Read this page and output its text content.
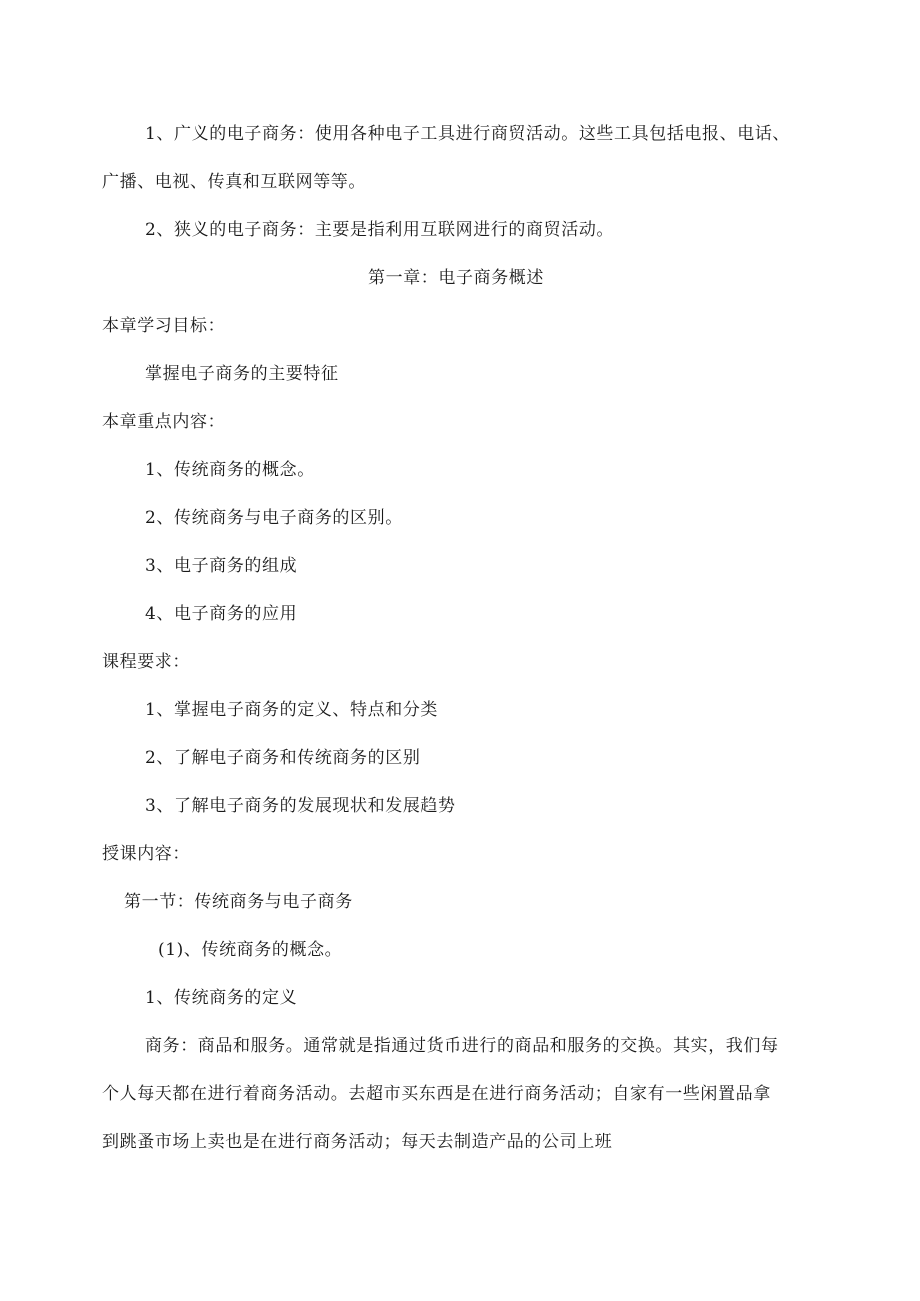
1、广义的电子商务：使用各种电子工具进行商贸活动。这些工具包括电报、电话、
广播、电视、传真和互联网等等。
2、狭义的电子商务：主要是指利用互联网进行的商贸活动。
第一章：电子商务概述
本章学习目标：
掌握电子商务的主要特征
本章重点内容：
1、传统商务的概念。
2、传统商务与电子商务的区别。
3、电子商务的组成
4、电子商务的应用
课程要求：
1、掌握电子商务的定义、特点和分类
2、了解电子商务和传统商务的区别
3、了解电子商务的发展现状和发展趋势
授课内容：
第一节：传统商务与电子商务
(1)、传统商务的概念。
1、传统商务的定义
商务：商品和服务。通常就是指通过货币进行的商品和服务的交换。其实，我们每
个人每天都在进行着商务活动。去超市买东西是在进行商务活动；自家有一些闲置品拿
到跳蚤市场上卖也是在进行商务活动；每天去制造产品的公司上班
